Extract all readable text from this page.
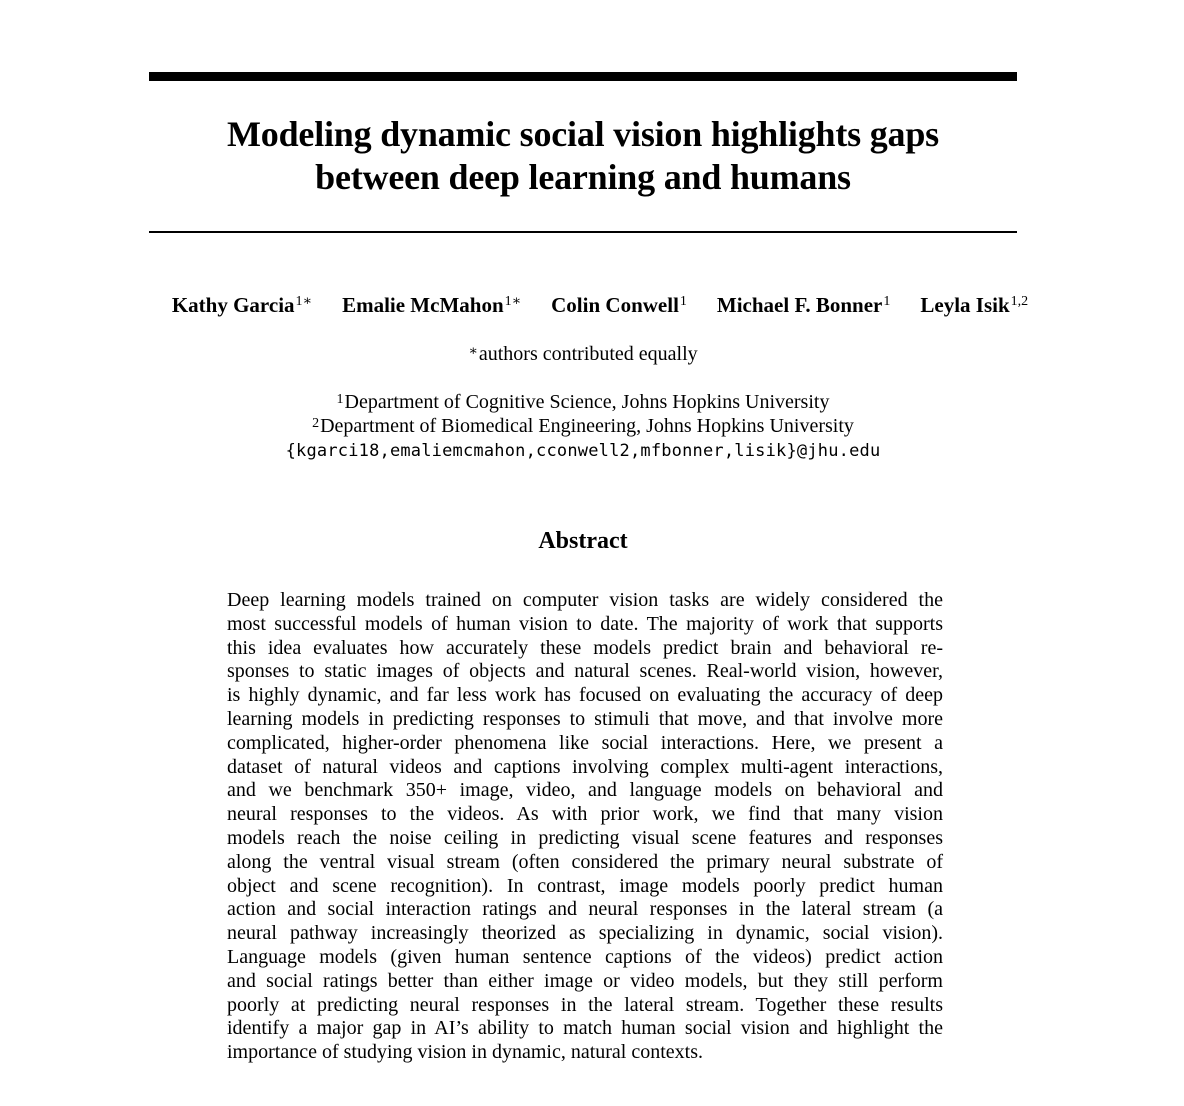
Modeling dynamic social vision highlights gaps
between deep learning and humans
Kathy Garcia$^{1∗}$ Emalie McMahon$^{1∗}$ Colin Conwell$^1$ Michael F. Bonner$^1$ Leyla Isik$^{1,2}$
∗authors contributed equally
$^1$Department of Cognitive Science, Johns Hopkins University
$^2$Department of Biomedical Engineering, Johns Hopkins University
{kgarci18,emaliemcmahon,cconwell2,mfbonner,lisik}@jhu.edu
Abstract
Deep learning models trained on computer vision tasks are widely considered the
most successful models of human vision to date. The majority of work that supports
this idea evaluates how accurately these models predict brain and behavioral re-
sponses to static images of objects and natural scenes. Real-world vision, however,
is highly dynamic, and far less work has focused on evaluating the accuracy of deep
learning models in predicting responses to stimuli that move, and that involve more
complicated, higher-order phenomena like social interactions. Here, we present a
dataset of natural videos and captions involving complex multi-agent interactions,
and we benchmark 350+ image, video, and language models on behavioral and
neural responses to the videos. As with prior work, we find that many vision
models reach the noise ceiling in predicting visual scene features and responses
along the ventral visual stream (often considered the primary neural substrate of
object and scene recognition). In contrast, image models poorly predict human
action and social interaction ratings and neural responses in the lateral stream (a
neural pathway increasingly theorized as specializing in dynamic, social vision).
Language models (given human sentence captions of the videos) predict action
and social ratings better than either image or video models, but they still perform
poorly at predicting neural responses in the lateral stream. Together these results
identify a major gap in AI’s ability to match human social vision and highlight the
importance of studying vision in dynamic, natural contexts.
